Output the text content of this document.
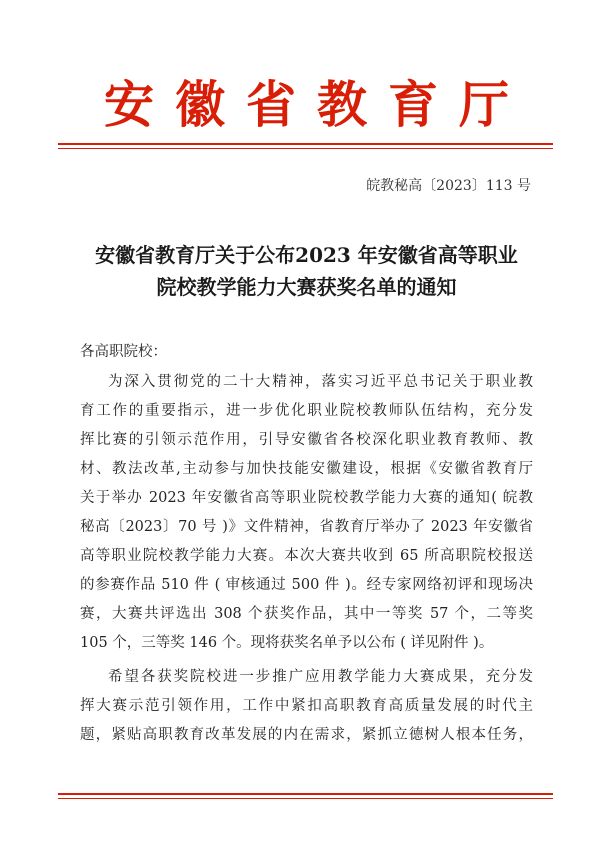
安徽省教育厅
皖教秘高〔2023〕113 号
安徽省教育厅关于公布2023 年安徽省高等职业
院校教学能力大赛获奖名单的通知
各高职院校：
为深入贯彻党的二十大精神，落实习近平总书记关于职业教
育工作的重要指示，进一步优化职业院校教师队伍结构，充分发
挥比赛的引领示范作用，引导安徽省各校深化职业教育教师、教
材、教法改革,主动参与加快技能安徽建设，根据《安徽省教育厅
关于举办 2023 年安徽省高等职业院校教学能力大赛的通知( 皖教
秘高〔2023〕70 号 )》文件精神，省教育厅举办了 2023 年安徽省
高等职业院校教学能力大赛。本次大赛共收到 65 所高职院校报送
的参赛作品 510 件 ( 审核通过 500 件 )。经专家网络初评和现场决
赛，大赛共评选出 308 个获奖作品，其中一等奖 57 个，二等奖
105 个，三等奖 146 个。现将获奖名单予以公布 ( 详见附件 )。
希望各获奖院校进一步推广应用教学能力大赛成果，充分发
挥大赛示范引领作用，工作中紧扣高职教育高质量发展的时代主
题，紧贴高职教育改革发展的内在需求，紧抓立德树人根本任务，
